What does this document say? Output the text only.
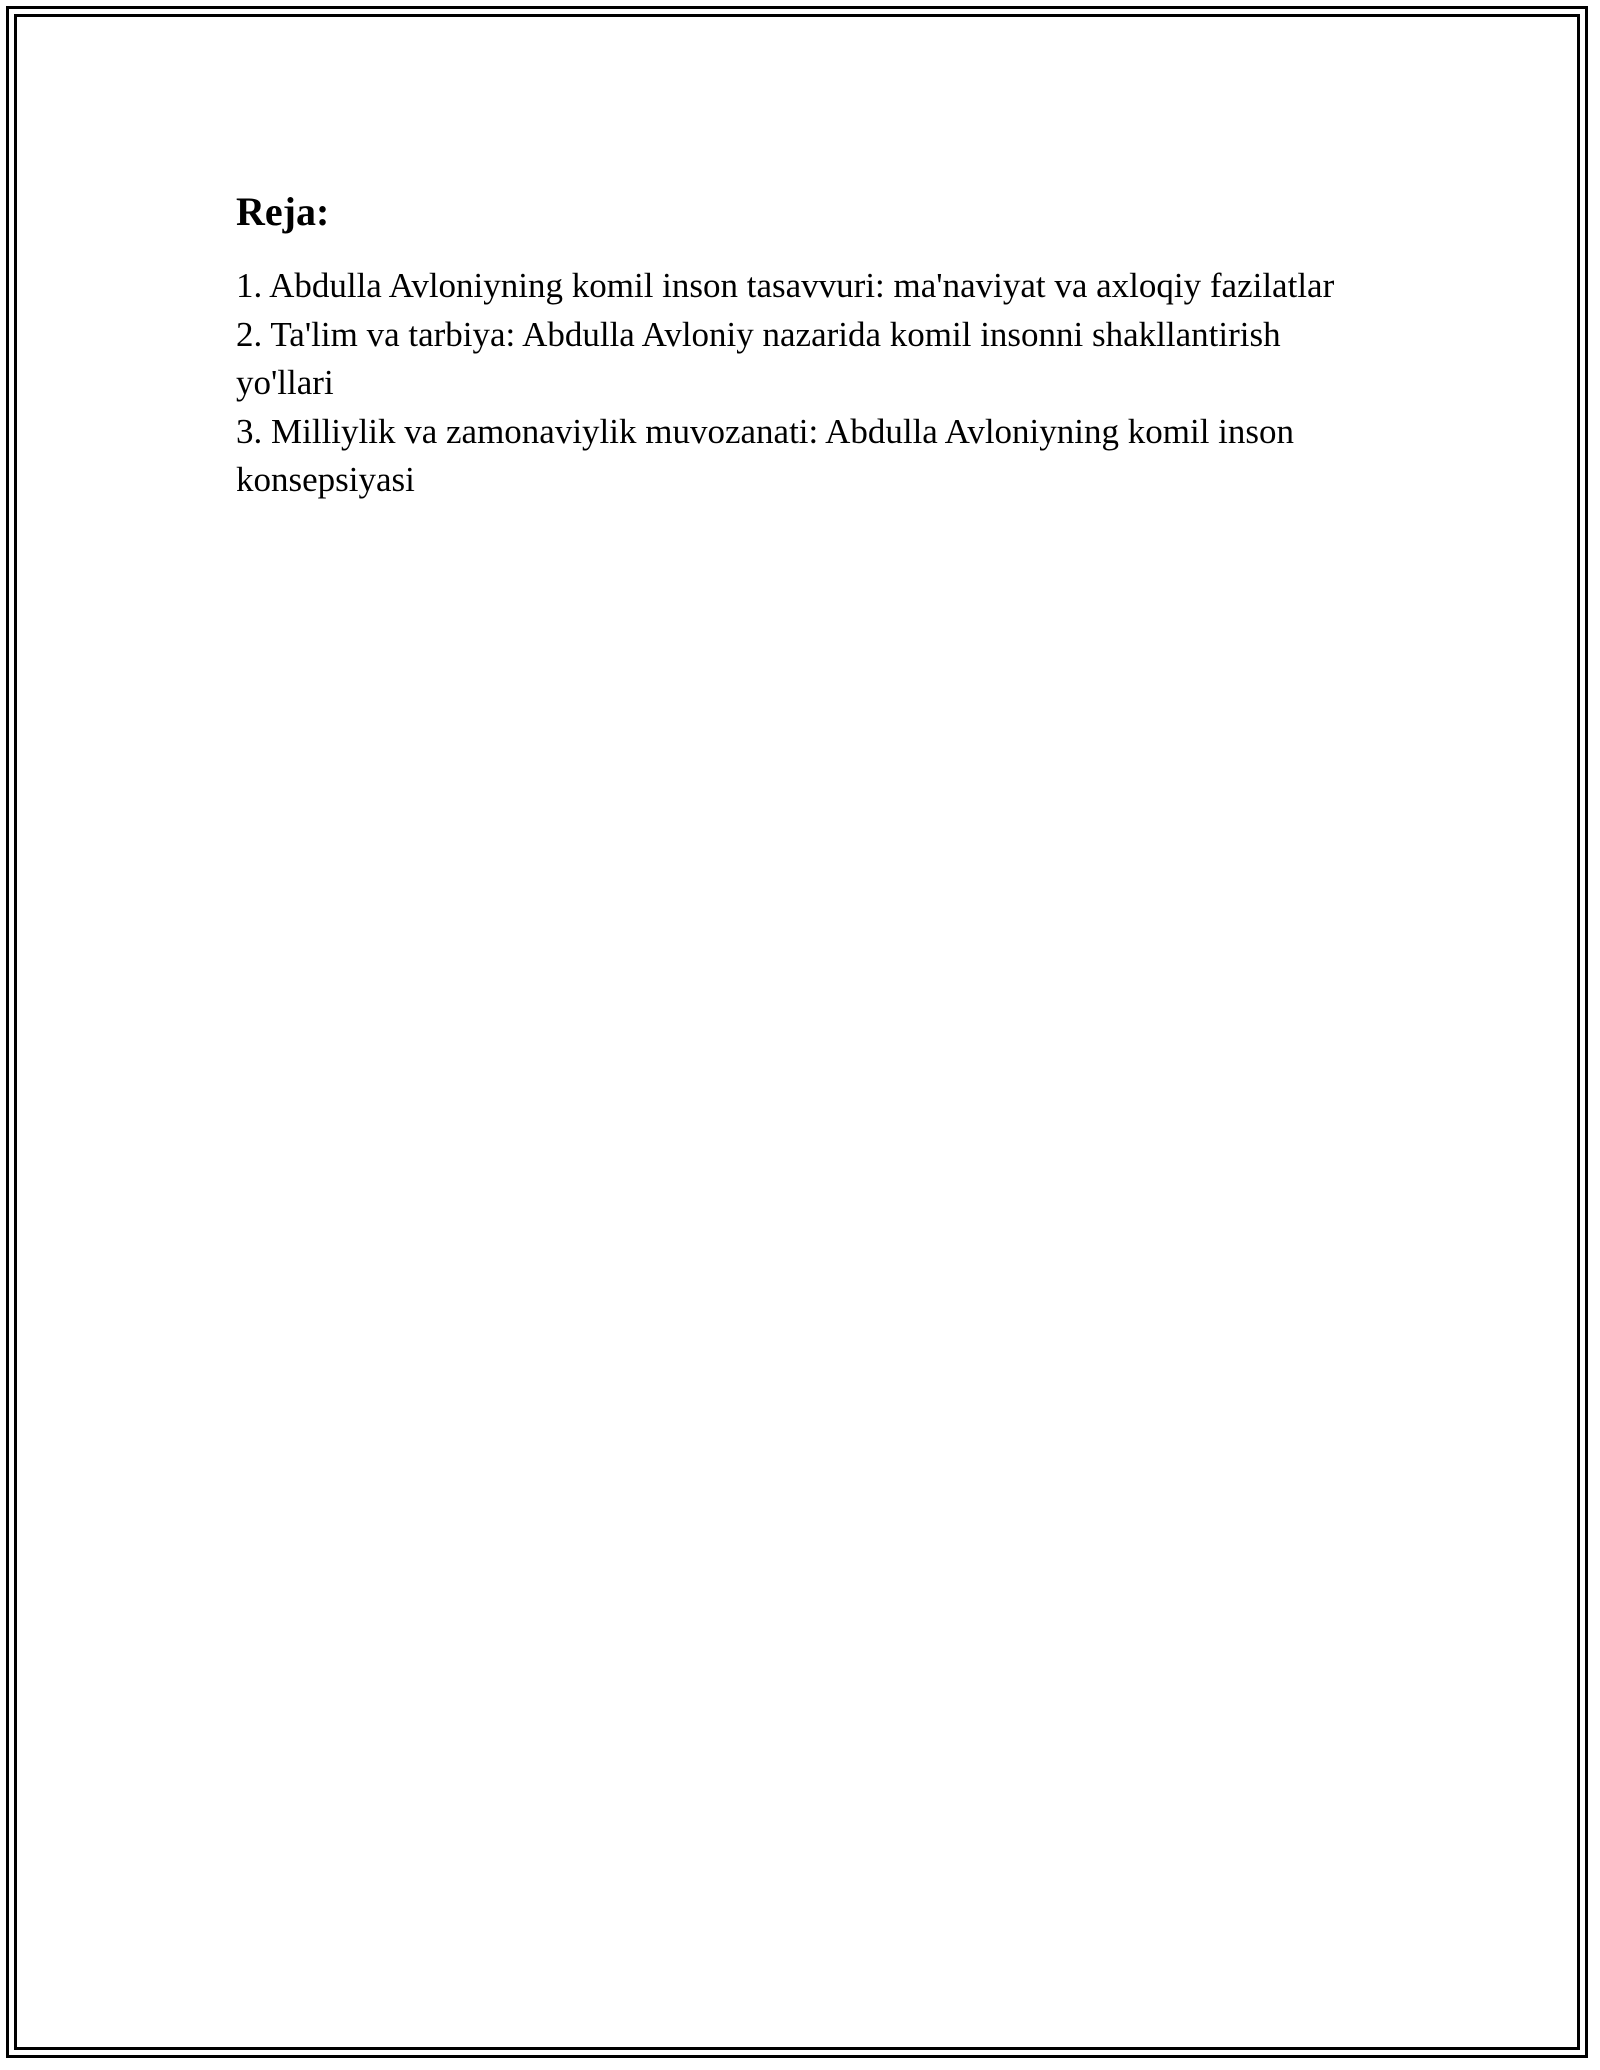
Reja:
1. Abdulla Avloniyning komil inson tasavvuri: ma'naviyat va axloqiy fazilatlar
2. Ta'lim va tarbiya: Abdulla Avloniy nazarida komil insonni shakllantirish yo'llari
3. Milliylik va zamonaviylik muvozanati: Abdulla Avloniyning komil inson konsepsiyasi
